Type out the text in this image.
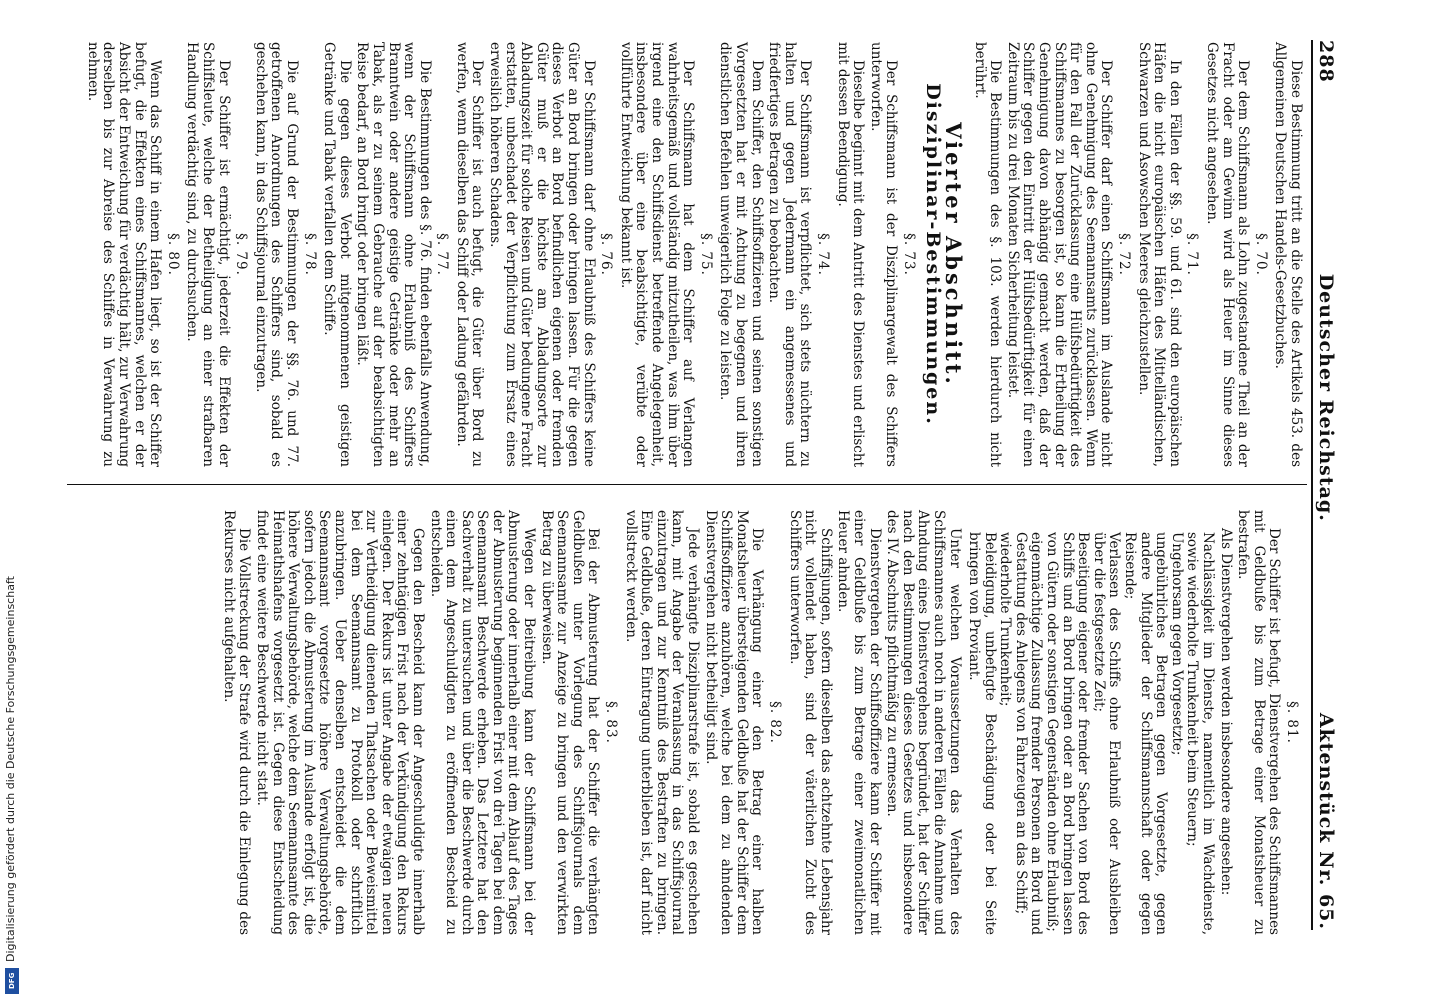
Digitalisierung gefördert durch die Deutsche Forschungsgemeinschaft
DFG
288
Deutscher Reichstag.
Aktenstück Nr. 65.
Diese Bestimmung tritt an die Stelle des Artikels 453. des Allgemeinen Deutschen Handels-Gesetzbuches.
§. 70.
Der dem Schiffsmann als Lohn zugestandene Theil an der Fracht oder am Gewinn wird als Heuer im Sinne dieses Gesetzes nicht angesehen.
§. 71.
In den Fällen der §§. 59. und 61. sind den europäischen Häfen die nicht europäischen Häfen des Mittelländischen, Schwarzen und Asowschen Meeres gleichzustellen.
§. 72.
Der Schiffer darf einen Schiffsmann im Auslande nicht ohne Genehmigung des Seemannsamts zurücklassen. Wenn für den Fall der Zurücklassung eine Hülfsbedürftigkeit des Schiffsmannes zu besorgen ist, so kann die Ertheilung der Genehmigung davon abhängig gemacht werden, daß der Schiffer gegen den Eintritt der Hülfsbedürftigkeit für einen Zeitraum bis zu drei Monaten Sicherheitung leistet.
Die Bestimmungen des §. 103. werden hierdurch nicht berührt.
Vierter Abschnitt.
Disziplinar-Bestimmungen.
§. 73.
Der Schiffsmann ist der Disziplinargewalt des Schiffers unterworfen.
Dieselbe beginnt mit dem Antritt des Dienstes und erlischt mit dessen Beendigung.
§. 74.
Der Schiffsmann ist verpflichtet, sich stets nüchtern zu halten und gegen Jedermann ein angemessenes und friedfertiges Betragen zu beobachten.
Dem Schiffer, den Schiffsoffizieren und seinen sonstigen Vorgesetzten hat er mit Achtung zu begegnen und ihren dienstlichen Befehlen unweigerlich Folge zu leisten.
§. 75.
Der Schiffsmann hat dem Schiffer auf Verlangen wahrheitsgemäß und vollständig mitzutheilen, was ihm über irgend eine den Schiffsdienst betreffende Angelegenheit, insbesondere über eine beabsichtigte, verübte oder vollführte Entweichung bekannt ist.
§. 76.
Der Schiffsmann darf ohne Erlaubniß des Schiffers keine Güter an Bord bringen oder bringen lassen. Für die gegen dieses Verbot an Bord befindlichen eigenen oder fremden Güter muß er die höchste am Abladungsorte zur Abladungszeit für solche Reisen und Güter bedungene Fracht erstatten, unbeschadet der Verpflichtung zum Ersatz eines erweislich höheren Schadens.
Der Schiffer ist auch befugt, die Güter über Bord zu werfen, wenn dieselben das Schiff oder Ladung gefährden.
§. 77.
Die Bestimmungen des §. 76. finden ebenfalls Anwendung, wenn der Schiffsmann ohne Erlaubniß des Schiffers Branntwein oder andere geistige Getränke oder mehr an Tabak, als er zu seinem Gebrauche auf der beabsichtigten Reise bedarf, an Bord bringt oder bringen läßt.
Die gegen dieses Verbot mitgenommenen geistigen Getränke und Tabak verfallen dem Schiffe.
§. 78.
Die auf Grund der Bestimmungen der §§. 76. und 77. getroffenen Anordnungen des Schiffers sind, sobald es geschehen kann, in das Schiffsjournal einzutragen.
§. 79.
Der Schiffer ist ermächtigt, jederzeit die Effekten der Schiffsleute, welche der Betheiligung an einer strafbaren Handlung verdächtig sind, zu durchsuchen.
§. 80.
Wenn das Schiff in einem Hafen liegt, so ist der Schiffer befugt, die Effekten eines Schiffsmannes, welchen er der Absicht der Entweichung für verdächtig hält, zur Verwahrung derselben bis zur Abreise des Schiffes in Verwahrung zu nehmen.
§. 81.
Der Schiffer ist befugt, Dienstvergehen des Schiffsmannes mit Geldbuße bis zum Betrage einer Monatsheuer zu bestrafen.
Als Dienstvergehen werden insbesondere angesehen:
Nachlässigkeit im Dienste, namentlich im Wachdienste, sowie wiederholte Trunkenheit beim Steuern;
Ungehorsam gegen Vorgesetzte;
ungebührliches Betragen gegen Vorgesetzte, gegen andere Mitglieder der Schiffsmannschaft oder gegen Reisende;
Verlassen des Schiffs ohne Erlaubniß oder Ausbleiben über die festgesetzte Zeit;
Beseitigung eigener oder fremder Sachen von Bord des Schiffs und an Bord bringen oder an Bord bringen lassen von Gütern oder sonstigen Gegenständen ohne Erlaubniß;
eigenmächtige Zulassung fremder Personen an Bord und Gestattung des Anlegens von Fahrzeugen an das Schiff;
wiederholte Trunkenheit;
Beleidigung, unbefugte Beschädigung oder bei Seite bringen von Proviant.
Unter welchen Voraussetzungen das Verhalten des Schiffsmannes auch noch in anderen Fällen die Annahme und Ahndung eines Dienstvergehens begründet, hat der Schiffer nach den Bestimmungen dieses Gesetzes und insbesondere des IV. Abschnitts pflichtmäßig zu ermessen.
Dienstvergehen der Schiffsoffiziere kann der Schiffer mit einer Geldbuße bis zum Betrage einer zweimonatlichen Heuer ahnden.
Schiffsjungen, sofern dieselben das achtzehnte Lebensjahr nicht vollendet haben, sind der väterlichen Zucht des Schiffers unterworfen.
§. 82.
Die Verhängung einer den Betrag einer halben Monatsheuer übersteigenden Geldbuße hat der Schiffer dem Schiffsoffiziere anzuhören, welche bei dem zu ahndenden Dienstvergehen nicht betheiligt sind.
Jede verhängte Disziplinarstrafe ist, sobald es geschehen kann, mit Angabe der Veranlassung in das Schiffsjournal einzutragen und zur Kenntniß des Bestraften zu bringen. Eine Geldbuße, deren Eintragung unterblieben ist, darf nicht vollstreckt werden.
§. 83.
Bei der Abmusterung hat der Schiffer die verhängten Geldbußen unter Vorlegung des Schiffsjournals dem Seemannsamte zur Anzeige zu bringen und den verwirkten Betrag zu überweisen.
Wegen der Beitreibung kann der Schiffsmann bei der Abmusterung oder innerhalb einer mit dem Ablauf des Tages der Abmusterung beginnenden Frist von drei Tagen bei dem Seemannsamt Beschwerde erheben. Das Letztere hat den Sachverhalt zu untersuchen und über die Beschwerde durch einen dem Angeschuldigten zu eröffnenden Bescheid zu entscheiden.
Gegen den Bescheid kann der Angeschuldigte innerhalb einer zehntägigen Frist nach der Verkündigung den Rekurs einlegen. Der Rekurs ist unter Angabe der etwaigen neuen zur Vertheidigung dienenden Thatsachen oder Beweismittel bei dem Seemannsamt zu Protokoll oder schriftlich anzubringen. Ueber denselben entscheidet die dem Seemannsamt vorgesetzte höhere Verwaltungsbehörde, sofern jedoch die Abmusterung im Auslande erfolgt ist, die höhere Verwaltungsbehörde, welche dem Seemannsamte des Heimathshafens vorgesetzt ist. Gegen diese Entscheidung findet eine weitere Beschwerde nicht statt.
Die Vollstreckung der Strafe wird durch die Einlegung des Rekurses nicht aufgehalten.
